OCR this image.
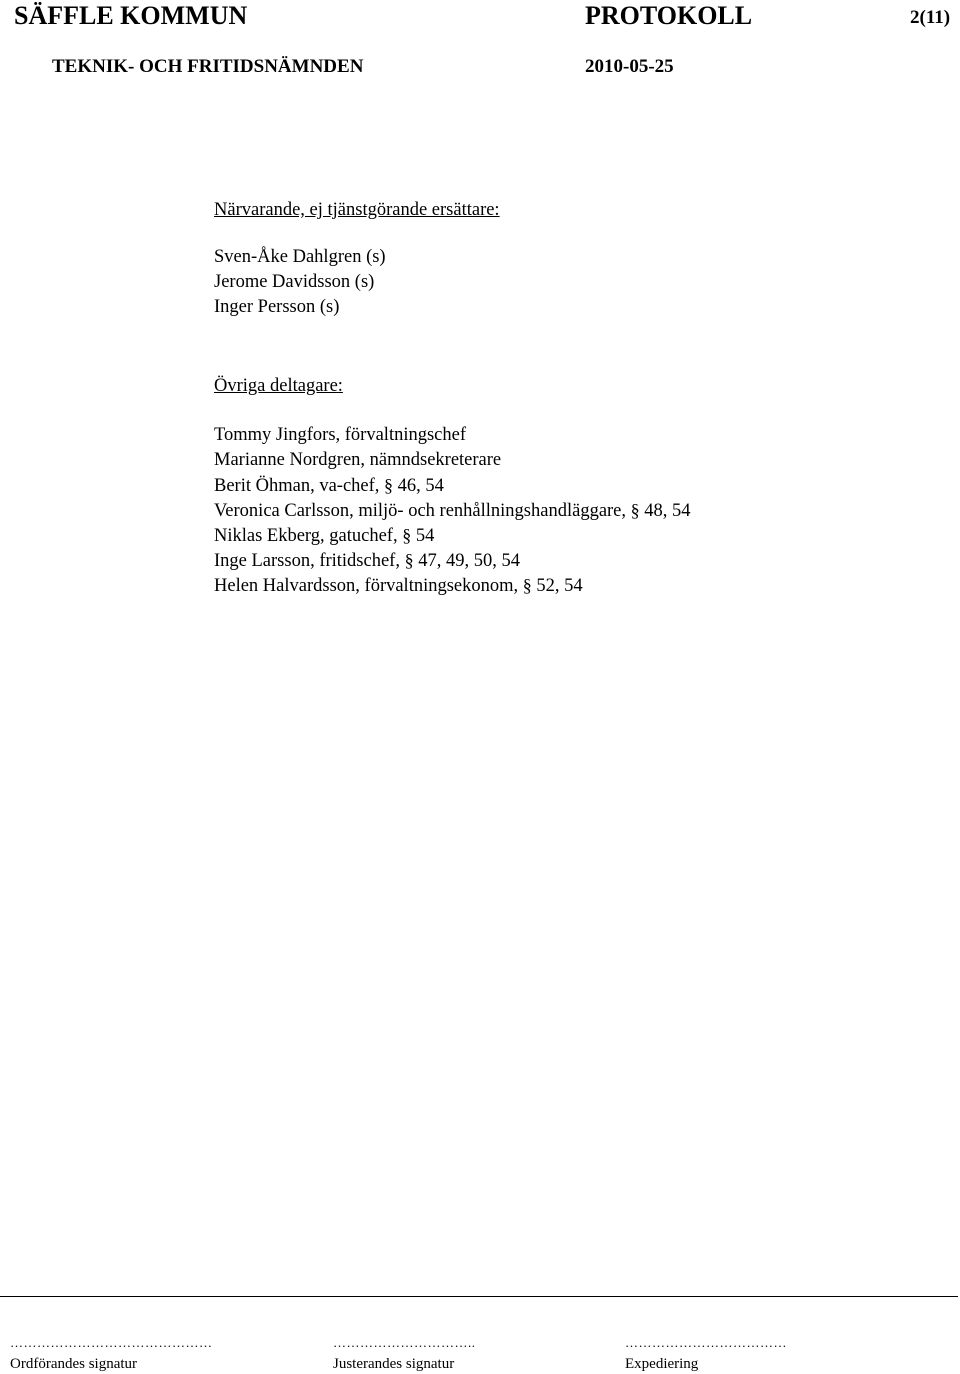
SÄFFLE KOMMUN	PROTOKOLL	2(11)
TEKNIK- OCH FRITIDSNÄMNDEN	2010-05-25
Närvarande, ej tjänstgörande ersättare:
Sven-Åke Dahlgren (s)
Jerome Davidsson (s)
Inger Persson (s)
Övriga deltagare:
Tommy Jingfors, förvaltningschef
Marianne Nordgren, nämndsekreterare
Berit Öhman, va-chef, § 46, 54
Veronica Carlsson, miljö- och renhållningshandläggare, § 48, 54
Niklas Ekberg, gatuchef, § 54
Inge Larsson, fritidschef, § 47, 49, 50, 54
Helen Halvardsson, förvaltningsekonom, § 52, 54
………………………………………	…………………………..	………………………………
Ordförandes signatur	Justerandes signatur	Expediering
